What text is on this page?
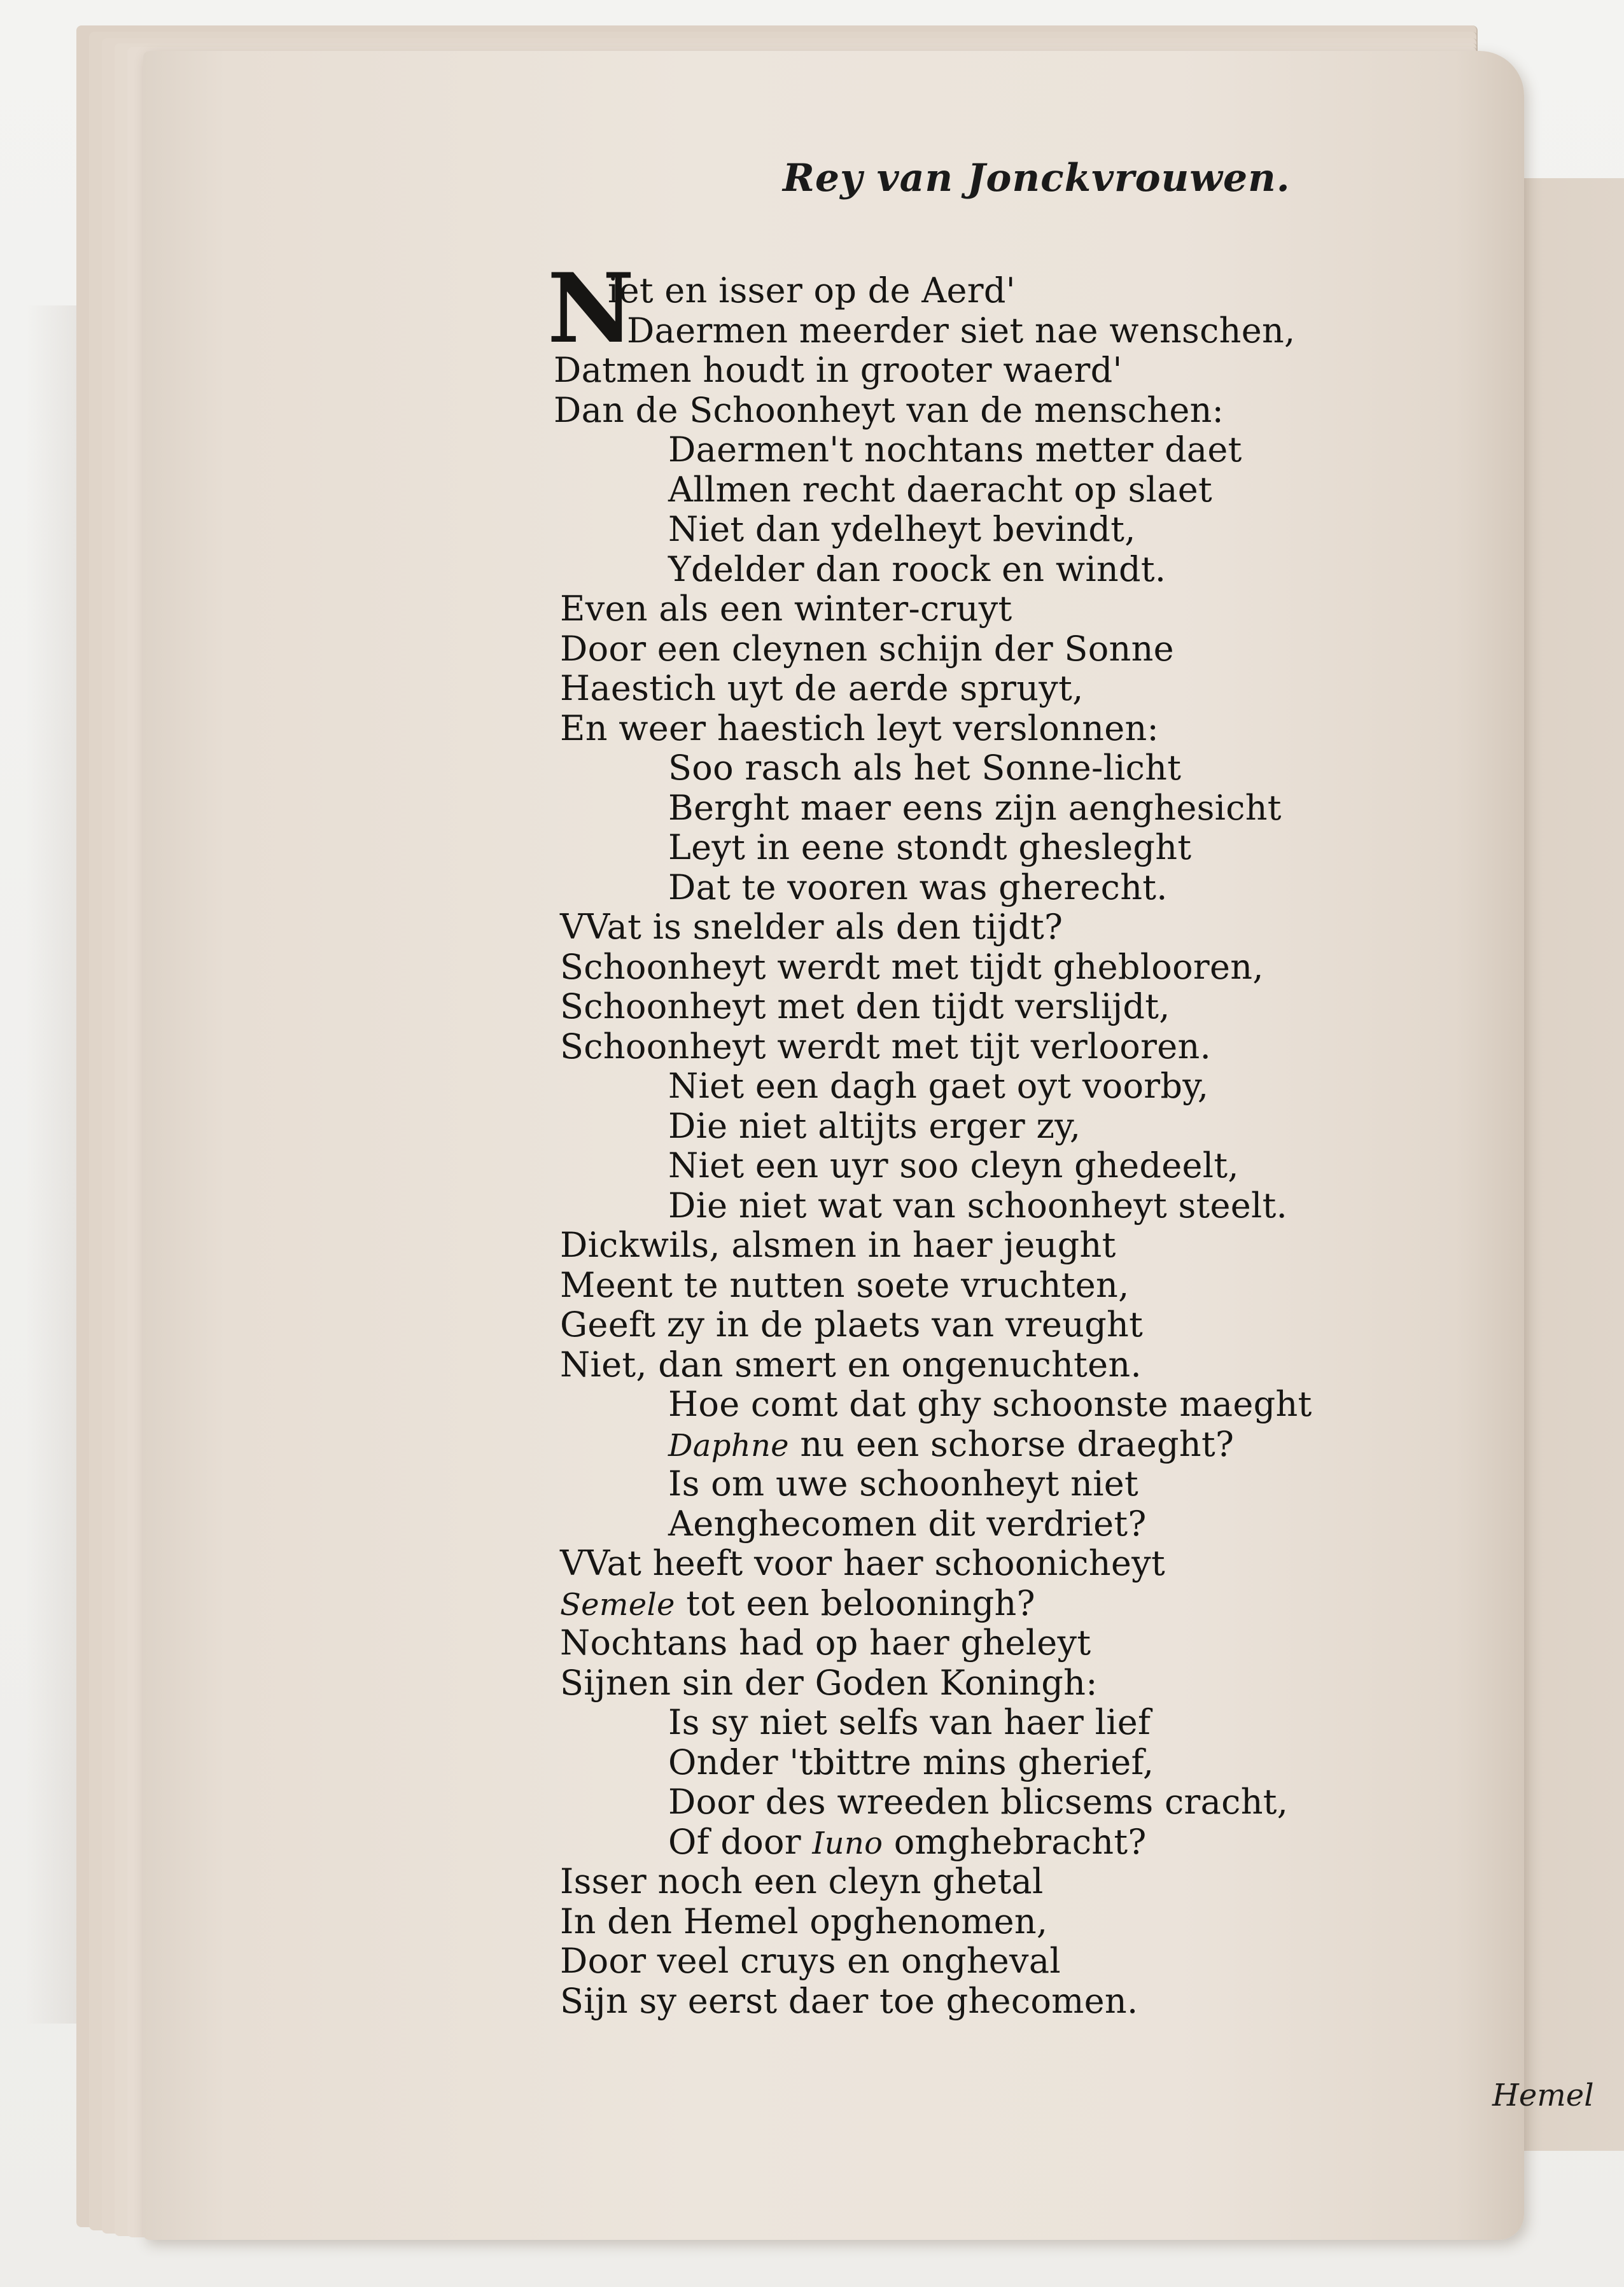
Rey van Jonckvrouwen.
N
iet en isser op de Aerd'
Daermen meerder siet nae wenschen,
Datmen houdt in grooter waerd'
Dan de Schoonheyt van de menschen:
Daermen't nochtans metter daet
Allmen recht daeracht op slaet
Niet dan ydelheyt bevindt,
Ydelder dan roock en windt.
Even als een winter-cruyt
Door een cleynen schijn der Sonne
Haestich uyt de aerde spruyt,
En weer haestich leyt verslonnen:
Soo rasch als het Sonne-licht
Berght maer eens zijn aenghesicht
Leyt in eene stondt ghesleght
Dat te vooren was gherecht.
VVat is snelder als den tijdt?
Schoonheyt werdt met tijdt gheblooren,
Schoonheyt met den tijdt verslijdt,
Schoonheyt werdt met tijt verlooren.
Niet een dagh gaet oyt voorby,
Die niet altijts erger zy,
Niet een uyr soo cleyn ghedeelt,
Die niet wat van schoonheyt steelt.
Dickwils, alsmen in haer jeught
Meent te nutten soete vruchten,
Geeft zy in de plaets van vreught
Niet, dan smert en ongenuchten.
Hoe comt dat ghy schoonste maeght
Daphne nu een schorse draeght?
Is om uwe schoonheyt niet
Aenghecomen dit verdriet?
VVat heeft voor haer schoonicheyt
Semele tot een belooningh?
Nochtans had op haer gheleyt
Sijnen sin der Goden Koningh:
Is sy niet selfs van haer lief
Onder 'tbittre mins gherief,
Door des wreeden blicsems cracht,
Of door Iuno omghebracht?
Isser noch een cleyn ghetal
In den Hemel opghenomen,
Door veel cruys en ongheval
Sijn sy eerst daer toe ghecomen.
Hemel
